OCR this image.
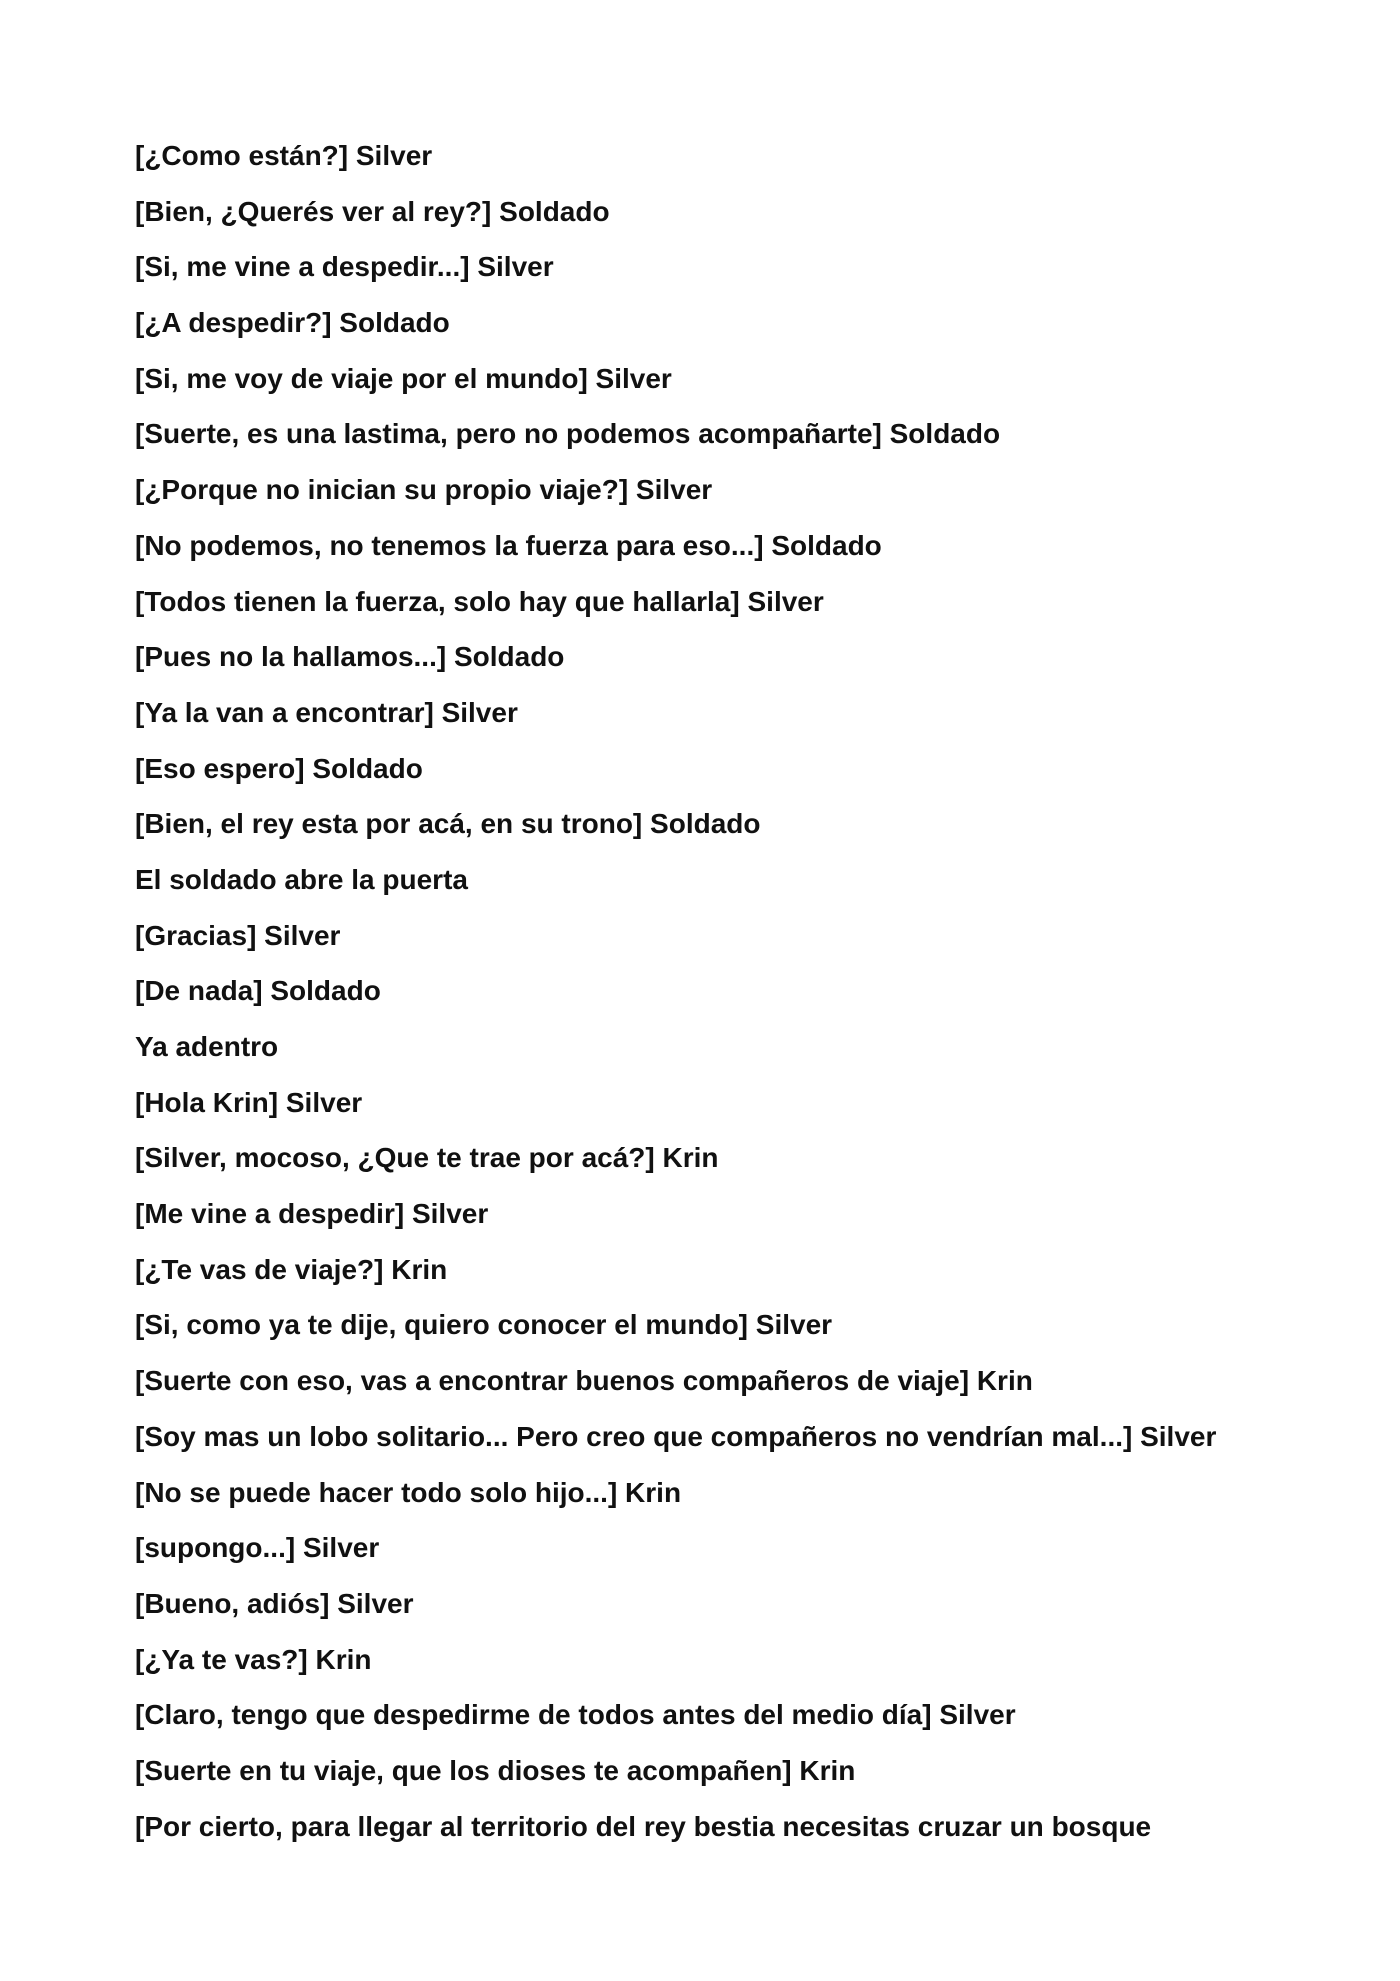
[¿Como están?] Silver

[Bien, ¿Querés ver al rey?] Soldado

[Si, me vine a despedir...] Silver

[¿A despedir?] Soldado

[Si, me voy de viaje por el mundo] Silver

[Suerte, es una lastima, pero no podemos acompañarte] Soldado

[¿Porque no inician su propio viaje?] Silver

[No podemos, no tenemos la fuerza para eso...] Soldado

[Todos tienen la fuerza, solo hay que hallarla] Silver

[Pues no la hallamos...] Soldado

[Ya la van a encontrar] Silver

[Eso espero] Soldado

[Bien, el rey esta por acá, en su trono] Soldado

El soldado abre la puerta

[Gracias] Silver

[De nada] Soldado

Ya adentro

[Hola Krin] Silver

[Silver, mocoso, ¿Que te trae por acá?] Krin

[Me vine a despedir] Silver

[¿Te vas de viaje?] Krin

[Si, como ya te dije, quiero conocer el mundo] Silver

[Suerte con eso, vas a encontrar buenos compañeros de viaje] Krin

[Soy mas un lobo solitario... Pero creo que compañeros no vendrían mal...] Silver

[No se puede hacer todo solo hijo...] Krin

[supongo...] Silver

[Bueno, adiós] Silver

[¿Ya te vas?] Krin

[Claro, tengo que despedirme de todos antes del medio día] Silver

[Suerte en tu viaje, que los dioses te acompañen] Krin

[Por cierto, para llegar al territorio del rey bestia necesitas cruzar un bosque
